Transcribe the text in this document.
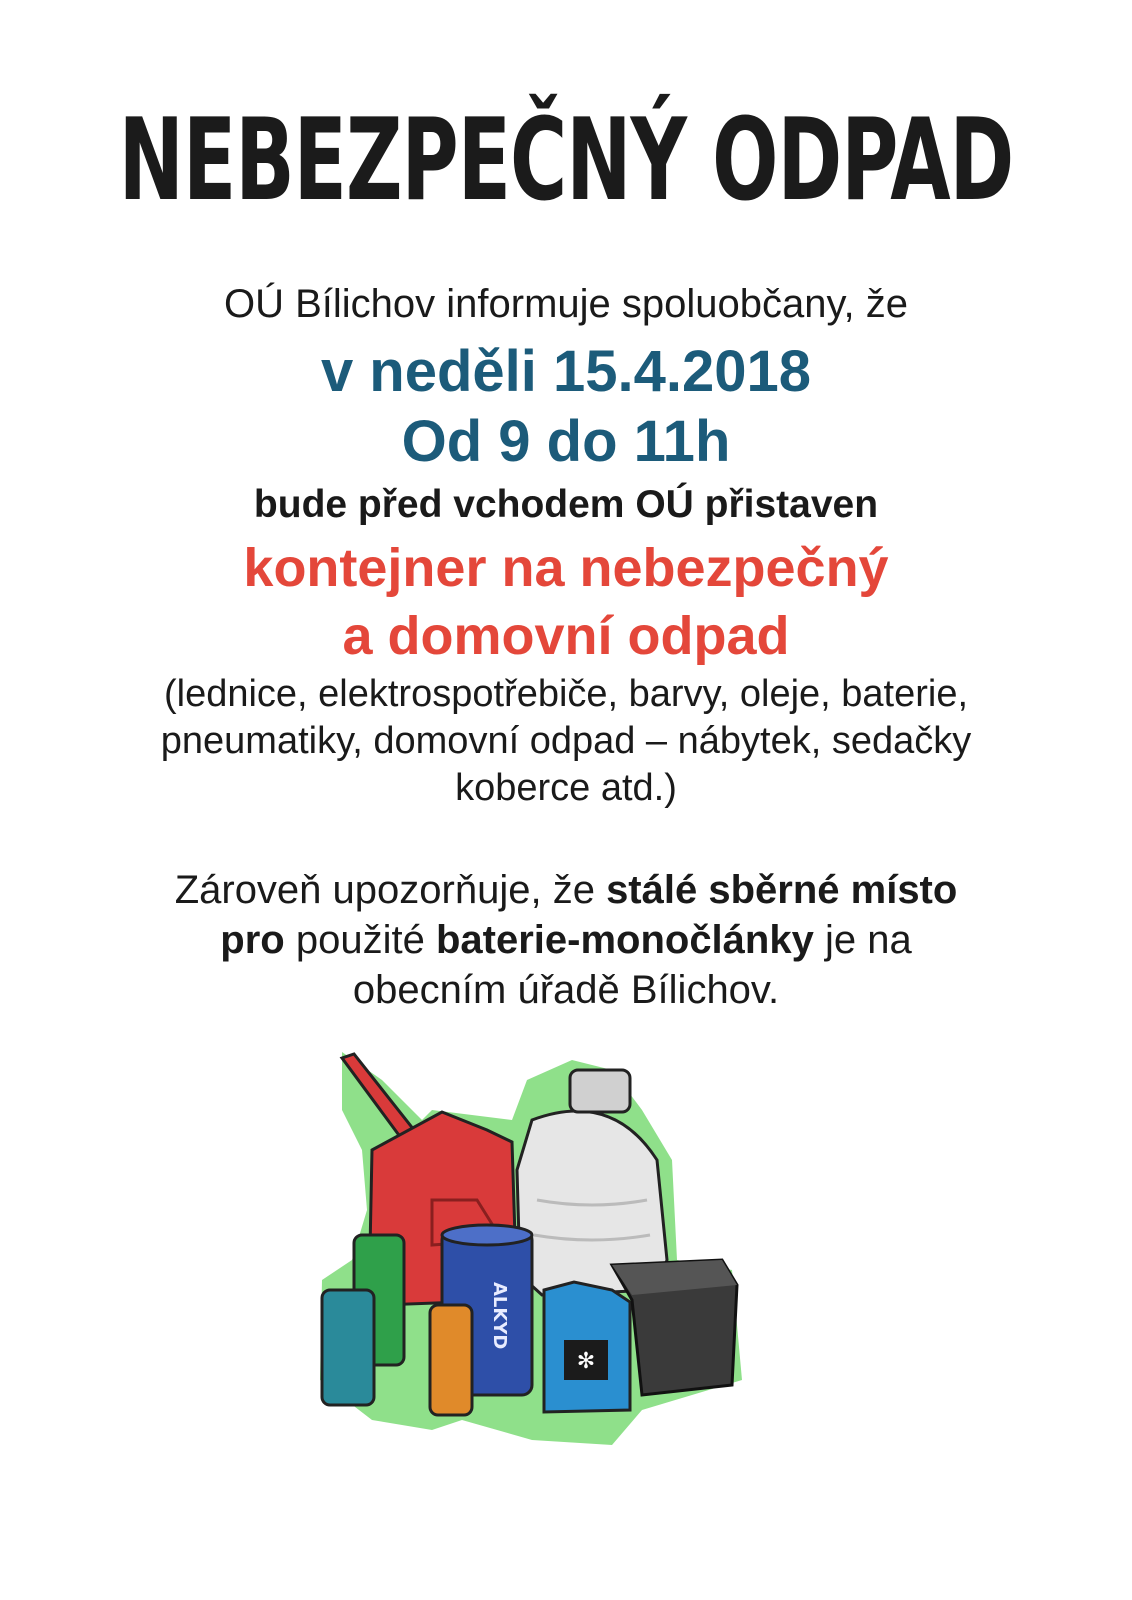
NEBEZPEČNÝ ODPAD
OÚ Bílichov informuje spoluobčany, že
v neděli 15.4.2018
Od 9 do 11h
bude před vchodem OÚ přistaven
kontejner na nebezpečný
a domovní odpad
(lednice, elektrospotřebiče, barvy, oleje, baterie,
pneumatiky, domovní odpad – nábytek, sedačky
koberce atd.)
Zároveň upozorňuje, že stálé sběrné místo
pro použité baterie-monočlánky je na
obecním úřadě Bílichov.
ALKYD
✻
